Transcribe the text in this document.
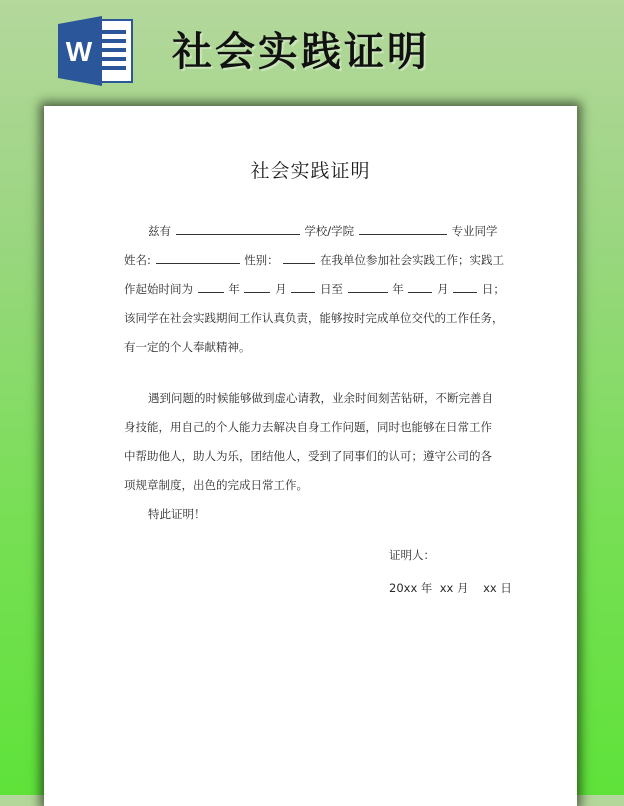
W 社会实践证明
社会实践证明
兹有	学校/学院	专业同学
姓名:	性别：	在我单位参加社会实践工作；实践工
作起始时间为	年	月	日至	年	月	日；
该同学在社会实践期间工作认真负责，能够按时完成单位交代的工作任务，
有一定的个人奉献精神。
遇到问题的时候能够做到虚心请教，业余时间刻苦钻研，不断完善自
身技能，用自己的个人能力去解决自身工作问题，同时也能够在日常工作
中帮助他人，助人为乐，团结他人，受到了同事们的认可；遵守公司的各
项规章制度，出色的完成日常工作。
特此证明！
证明人：
20xx 年  xx 月    xx 日
